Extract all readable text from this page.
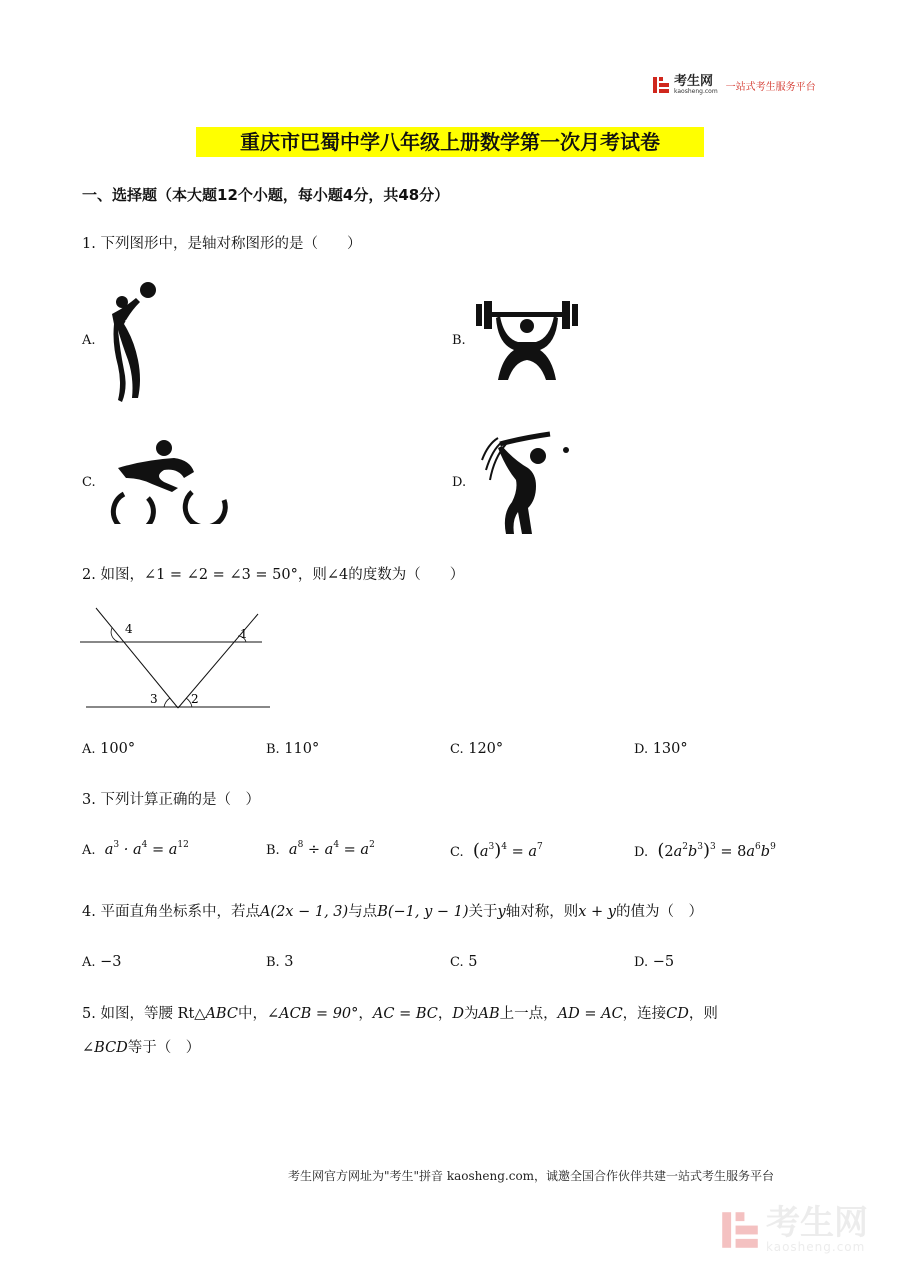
考生网
kaosheng.com 一站式考生服务平台
重庆市巴蜀中学八年级上册数学第一次月考试卷
一、选择题（本大题12个小题，每小题4分，共48分）
1. 下列图形中，是轴对称图形的是（　　）
A.	B.
C.	D.
2. 如图，∠1 = ∠2 = ∠3 = 50°，则∠4的度数为（　　）
4	1
3	2
A. 100°	B. 110°	C. 120°	D. 130°
3. 下列计算正确的是（　）
A. $a^3 \cdot a^4 = a^{12}$	B. $a^8 \div a^4 = a^2$	C. $(a^3)^4 = a^7$	D. $(2a^2b^3)^3 = 8a^6b^9$
4. 平面直角坐标系中，若点A(2x − 1, 3)与点B(−1, y − 1)关于y轴对称，则x + y的值为（　）
A. −3	B. 3	C. 5	D. −5
5. 如图，等腰 Rt△ABC中，∠ACB = 90°，AC = BC，D为AB上一点，AD = AC，连接CD，则
∠BCD等于（　）
考生网官方网址为"考生"拼音 kaosheng.com，诚邀全国合作伙伴共建一站式考生服务平台
考生网
kaosheng.com
